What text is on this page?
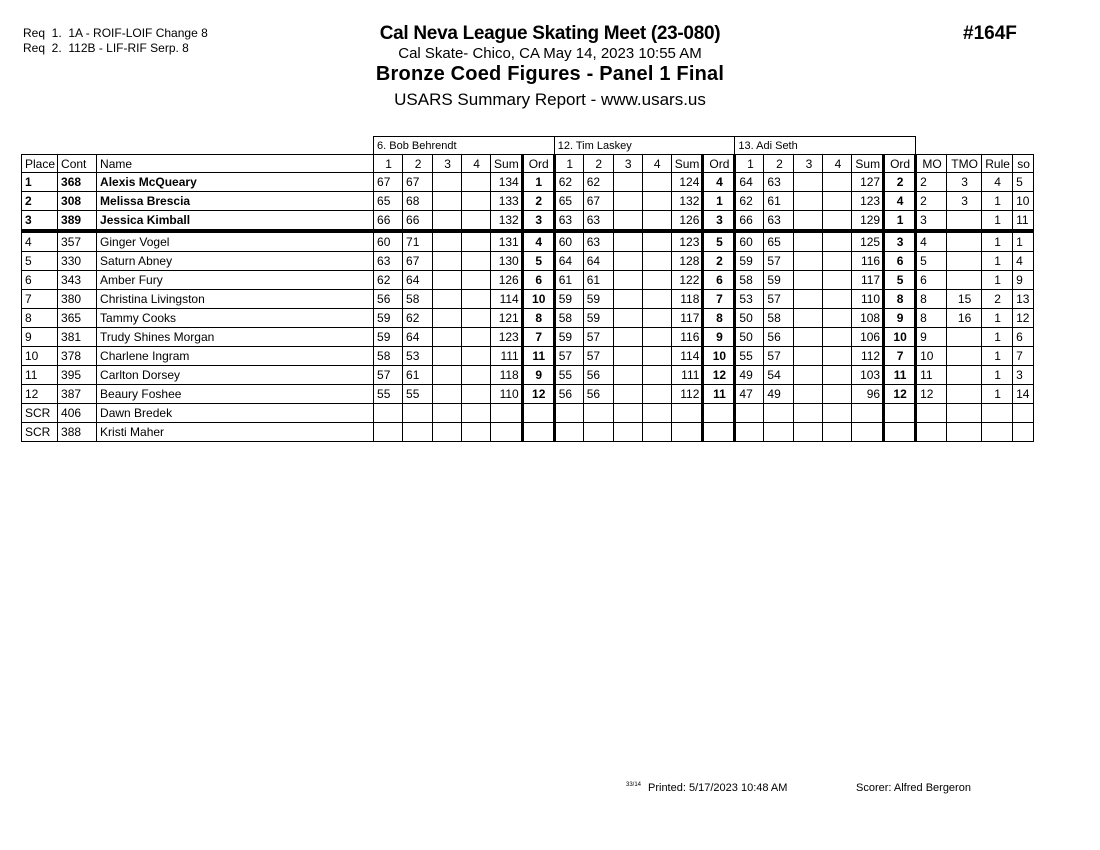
Req  1.  1A - ROIF-LOIF Change 8
Req  2.  112B - LIF-RIF Serp. 8
Cal Neva League Skating Meet (23-080)
Cal Skate- Chico, CA May 14, 2023 10:55 AM
Bronze Coed Figures - Panel 1 Final
USARS Summary Report - www.usars.us
#164F
			6. Bob Behrendt						12. Tim Laskey						13. Adi Seth									
Place	Cont	Name	1	2	3	4	Sum	Ord	1	2	3	4	Sum	Ord	1	2	3	4	Sum	Ord	MO	TMO	Rule	so
1	368	Alexis McQueary	67	67			134	1	62	62			124	4	64	63			127	2	2	3	4	5
2	308	Melissa Brescia	65	68			133	2	65	67			132	1	62	61			123	4	2	3	1	10
3	389	Jessica Kimball	66	66			132	3	63	63			126	3	66	63			129	1	3		1	11
4	357	Ginger Vogel	60	71			131	4	60	63			123	5	60	65			125	3	4		1	1
5	330	Saturn Abney	63	67			130	5	64	64			128	2	59	57			116	6	5		1	4
6	343	Amber Fury	62	64			126	6	61	61			122	6	58	59			117	5	6		1	9
7	380	Christina Livingston	56	58			114	10	59	59			118	7	53	57			110	8	8	15	2	13
8	365	Tammy Cooks	59	62			121	8	58	59			117	8	50	58			108	9	8	16	1	12
9	381	Trudy Shines Morgan	59	64			123	7	59	57			116	9	50	56			106	10	9		1	6
10	378	Charlene Ingram	58	53			111	11	57	57			114	10	55	57			112	7	10		1	7
11	395	Carlton Dorsey	57	61			118	9	55	56			111	12	49	54			103	11	11		1	3
12	387	Beaury Foshee	55	55			110	12	56	56			112	11	47	49			96	12	12		1	14
SCR	406	Dawn Bredek																						
SCR	388	Kristi Maher																						
33/14 Printed: 5/17/2023 10:48 AM	Scorer: Alfred Bergeron
